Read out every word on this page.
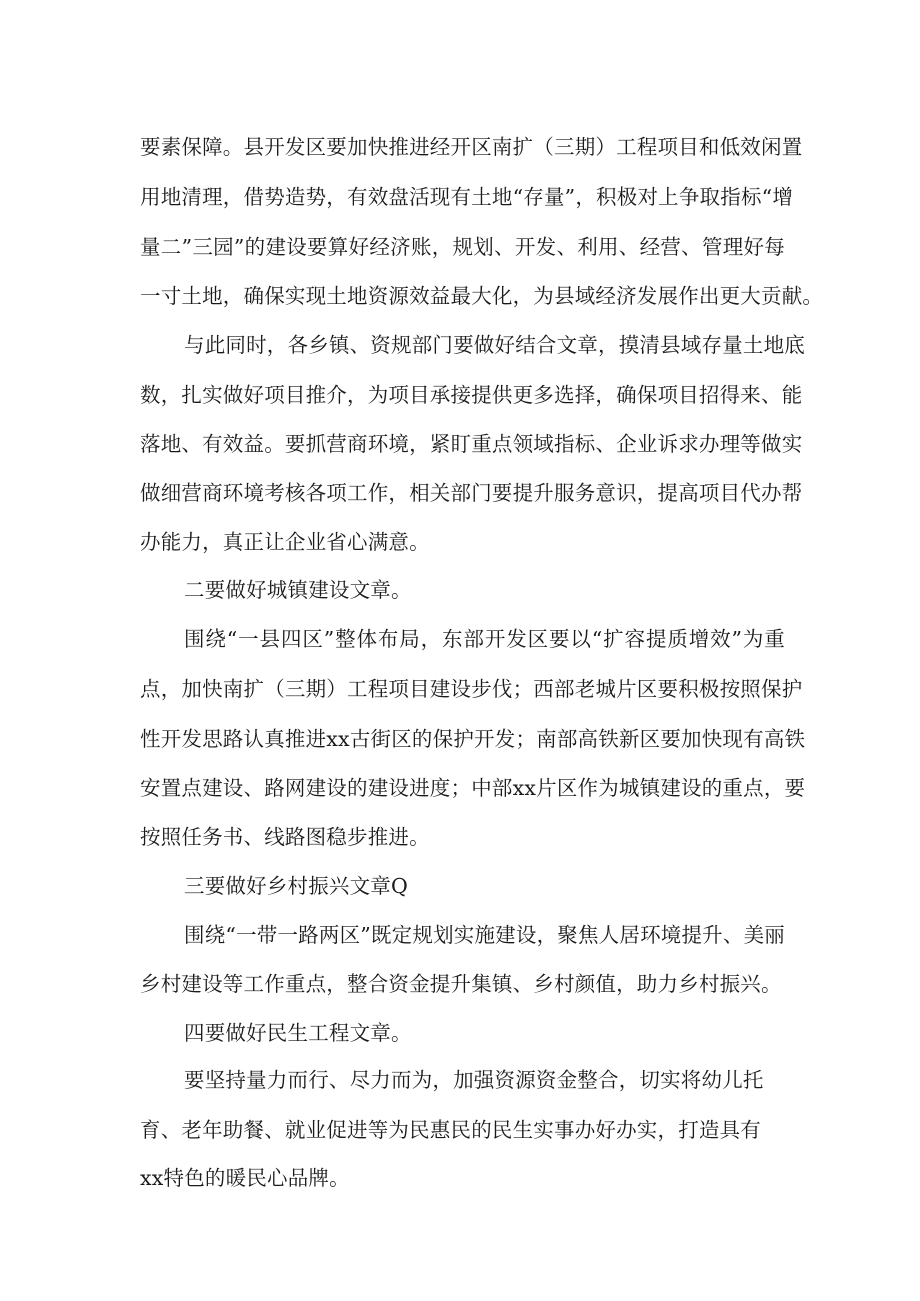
要素保障。县开发区要加快推进经开区南扩（三期）工程项目和低效闲置

用地清理，借势造势，有效盘活现有土地“存量”，积极对上争取指标“增

量二”三园”的建设要算好经济账，规划、开发、利用、经营、管理好每

一寸土地，确保实现土地资源效益最大化，为县域经济发展作出更大贡献。

与此同时，各乡镇、资规部门要做好结合文章，摸清县域存量土地底

数，扎实做好项目推介，为项目承接提供更多选择，确保项目招得来、能

落地、有效益。要抓营商环境，紧盯重点领域指标、企业诉求办理等做实

做细营商环境考核各项工作，相关部门要提升服务意识，提高项目代办帮

办能力，真正让企业省心满意。

二要做好城镇建设文章。

围绕“一县四区”整体布局，东部开发区要以“扩容提质增效”为重

点，加快南扩（三期）工程项目建设步伐；西部老城片区要积极按照保护

性开发思路认真推进xx古街区的保护开发；南部高铁新区要加快现有高铁

安置点建设、路网建设的建设进度；中部xx片区作为城镇建设的重点，要

按照任务书、线路图稳步推进。

三要做好乡村振兴文章Q

围绕“一带一路两区”既定规划实施建设，聚焦人居环境提升、美丽

乡村建设等工作重点，整合资金提升集镇、乡村颜值，助力乡村振兴。

四要做好民生工程文章。

要坚持量力而行、尽力而为，加强资源资金整合，切实将幼儿托

育、老年助餐、就业促进等为民惠民的民生实事办好办实，打造具有

xx特色的暖民心品牌。
